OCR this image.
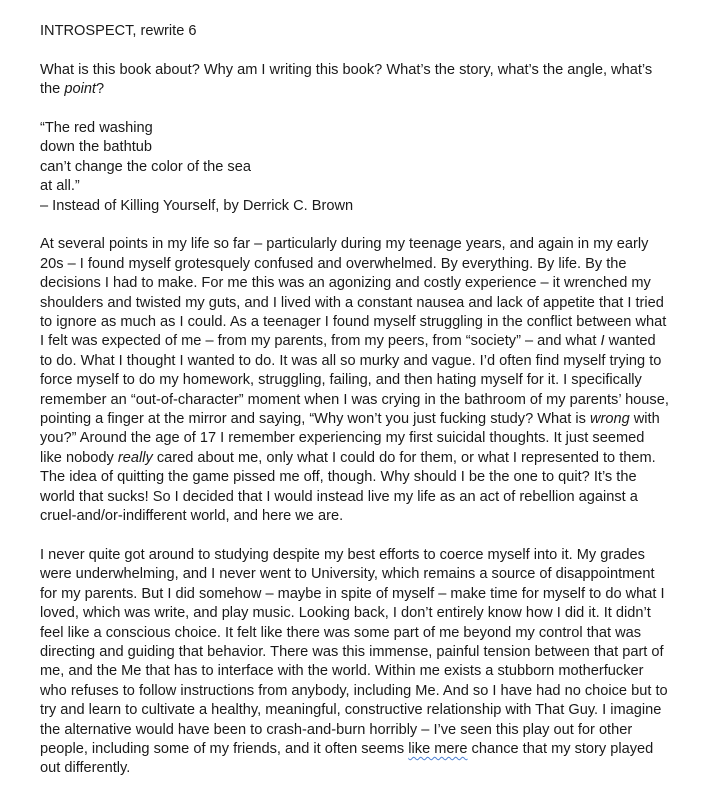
INTROSPECT, rewrite 6

What is this book about? Why am I writing this book? What’s the story, what’s the angle, what’s the point?

“The red washing
down the bathtub
can’t change the color of the sea
at all.”
– Instead of Killing Yourself, by Derrick C. Brown

At several points in my life so far – particularly during my teenage years, and again in my early 20s – I found myself grotesquely confused and overwhelmed. By everything. By life. By the decisions I had to make. For me this was an agonizing and costly experience – it wrenched my shoulders and twisted my guts, and I lived with a constant nausea and lack of appetite that I tried to ignore as much as I could. As a teenager I found myself struggling in the conflict between what I felt was expected of me – from my parents, from my peers, from “society” – and what I wanted to do. What I thought I wanted to do. It was all so murky and vague. I’d often find myself trying to force myself to do my homework, struggling, failing, and then hating myself for it. I specifically remember an “out-of-character” moment when I was crying in the bathroom of my parents’ house, pointing a finger at the mirror and saying, “Why won’t you just fucking study? What is wrong with you?” Around the age of 17 I remember experiencing my first suicidal thoughts. It just seemed like nobody really cared about me, only what I could do for them, or what I represented to them. The idea of quitting the game pissed me off, though. Why should I be the one to quit? It’s the world that sucks! So I decided that I would instead live my life as an act of rebellion against a cruel-and/or-indifferent world, and here we are.

I never quite got around to studying despite my best efforts to coerce myself into it. My grades were underwhelming, and I never went to University, which remains a source of disappointment for my parents. But I did somehow – maybe in spite of myself – make time for myself to do what I loved, which was write, and play music. Looking back, I don’t entirely know how I did it. It didn’t feel like a conscious choice. It felt like there was some part of me beyond my control that was directing and guiding that behavior. There was this immense, painful tension between that part of me, and the Me that has to interface with the world. Within me exists a stubborn motherfucker who refuses to follow instructions from anybody, including Me. And so I have had no choice but to try and learn to cultivate a healthy, meaningful, constructive relationship with That Guy. I imagine the alternative would have been to crash-and-burn horribly – I’ve seen this play out for other people, including some of my friends, and it often seems like mere chance that my story played out differently.
